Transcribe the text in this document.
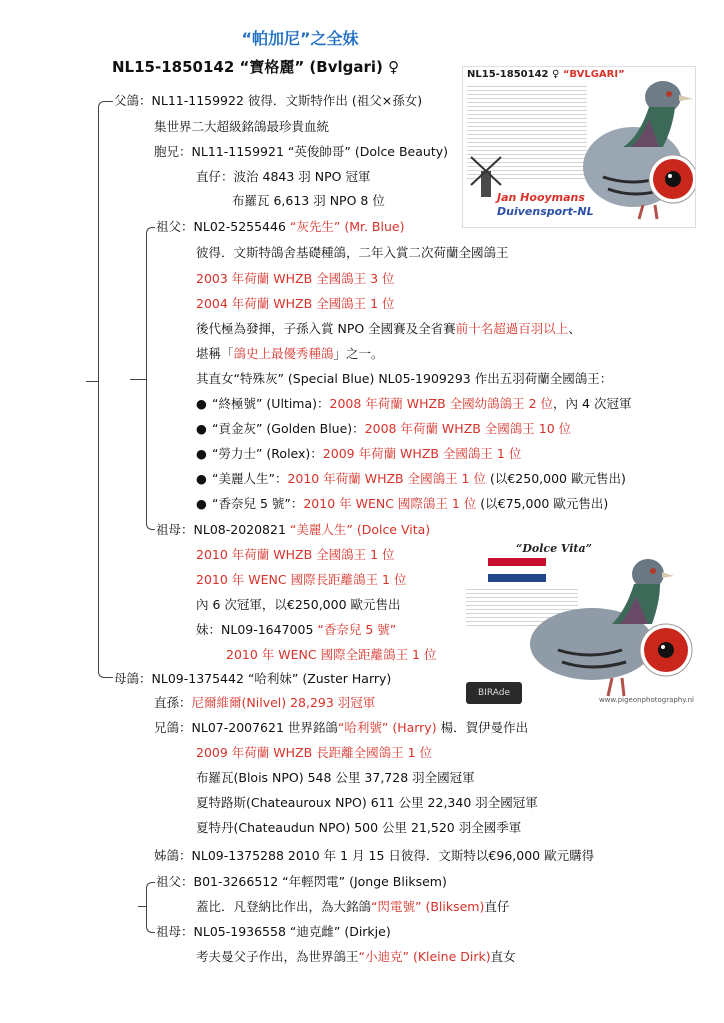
“帕加尼”之全妹
NL15-1850142 “寶格麗” (Bvlgari) ♀
父鴿：NL11-1159922 彼得．文斯特作出 (祖父×孫女)
集世界二大超級銘鴿最珍貴血統
胞兄：NL11-1159921 “英俊帥哥” (Dolce Beauty)
直仔：波治 4843 羽 NPO 冠軍
布羅瓦 6,613 羽 NPO 8 位
祖父：NL02-5255446 “灰先生” (Mr. Blue)
彼得．文斯特鴿舍基礎種鴿，二年入賞二次荷蘭全國鴿王
2003 年荷蘭 WHZB 全國鴿王 3 位
2004 年荷蘭 WHZB 全國鴿王 1 位
後代極為發揮，子孫入賞 NPO 全國賽及全省賽前十名超過百羽以上、
堪稱「鴿史上最優秀種鴿」之一。
其直女“特殊灰” (Special Blue) NL05-1909293 作出五羽荷蘭全國鴿王：
● “終極號” (Ultima)：2008 年荷蘭 WHZB 全國幼鴿鴿王 2 位，內 4 次冠軍
● “貢金灰” (Golden Blue)：2008 年荷蘭 WHZB 全國鴿王 10 位
● “勞力士” (Rolex)：2009 年荷蘭 WHZB 全國鴿王 1 位
● “美麗人生”：2010 年荷蘭 WHZB 全國鴿王 1 位 (以€250,000 歐元售出)
● “香奈兒 5 號”：2010 年 WENC 國際鴿王 1 位 (以€75,000 歐元售出)
祖母：NL08-2020821 “美麗人生” (Dolce Vita)
2010 年荷蘭 WHZB 全國鴿王 1 位
2010 年 WENC 國際長距離鴿王 1 位
內 6 次冠軍，以€250,000 歐元售出
妹：NL09-1647005 “香奈兒 5 號”
2010 年 WENC 國際全距離鴿王 1 位
母鴿：NL09-1375442 “哈利妹” (Zuster Harry)
直孫：尼爾維爾(Nilvel) 28,293 羽冠軍
兄鴿：NL07-2007621 世界銘鴿“哈利號” (Harry) 楊．賀伊曼作出
2009 年荷蘭 WHZB 長距離全國鴿王 1 位
布羅瓦(Blois NPO) 548 公里 37,728 羽全國冠軍
夏特路斯(Chateauroux NPO) 611 公里 22,340 羽全國冠軍
夏特丹(Chateaudun NPO) 500 公里 21,520 羽全國季軍
姊鴿：NL09-1375288 2010 年 1 月 15 日彼得．文斯特以€96,000 歐元購得
祖父：B01-3266512 “年輕閃電” (Jonge Bliksem)
蓋比．凡登納比作出，為大銘鴿“閃電號” (Bliksem)直仔
祖母：NL05-1936558 “迪克雌” (Dirkje)
考夫曼父子作出，為世界鴿王“小迪克” (Kleine Dirk)直女
NL15-1850142 ♀ “BVLGARI”
Jan Hooymans
Duivensport-NL
“Dolce Vita”
BIRAde
www.pigeonphotography.nl
